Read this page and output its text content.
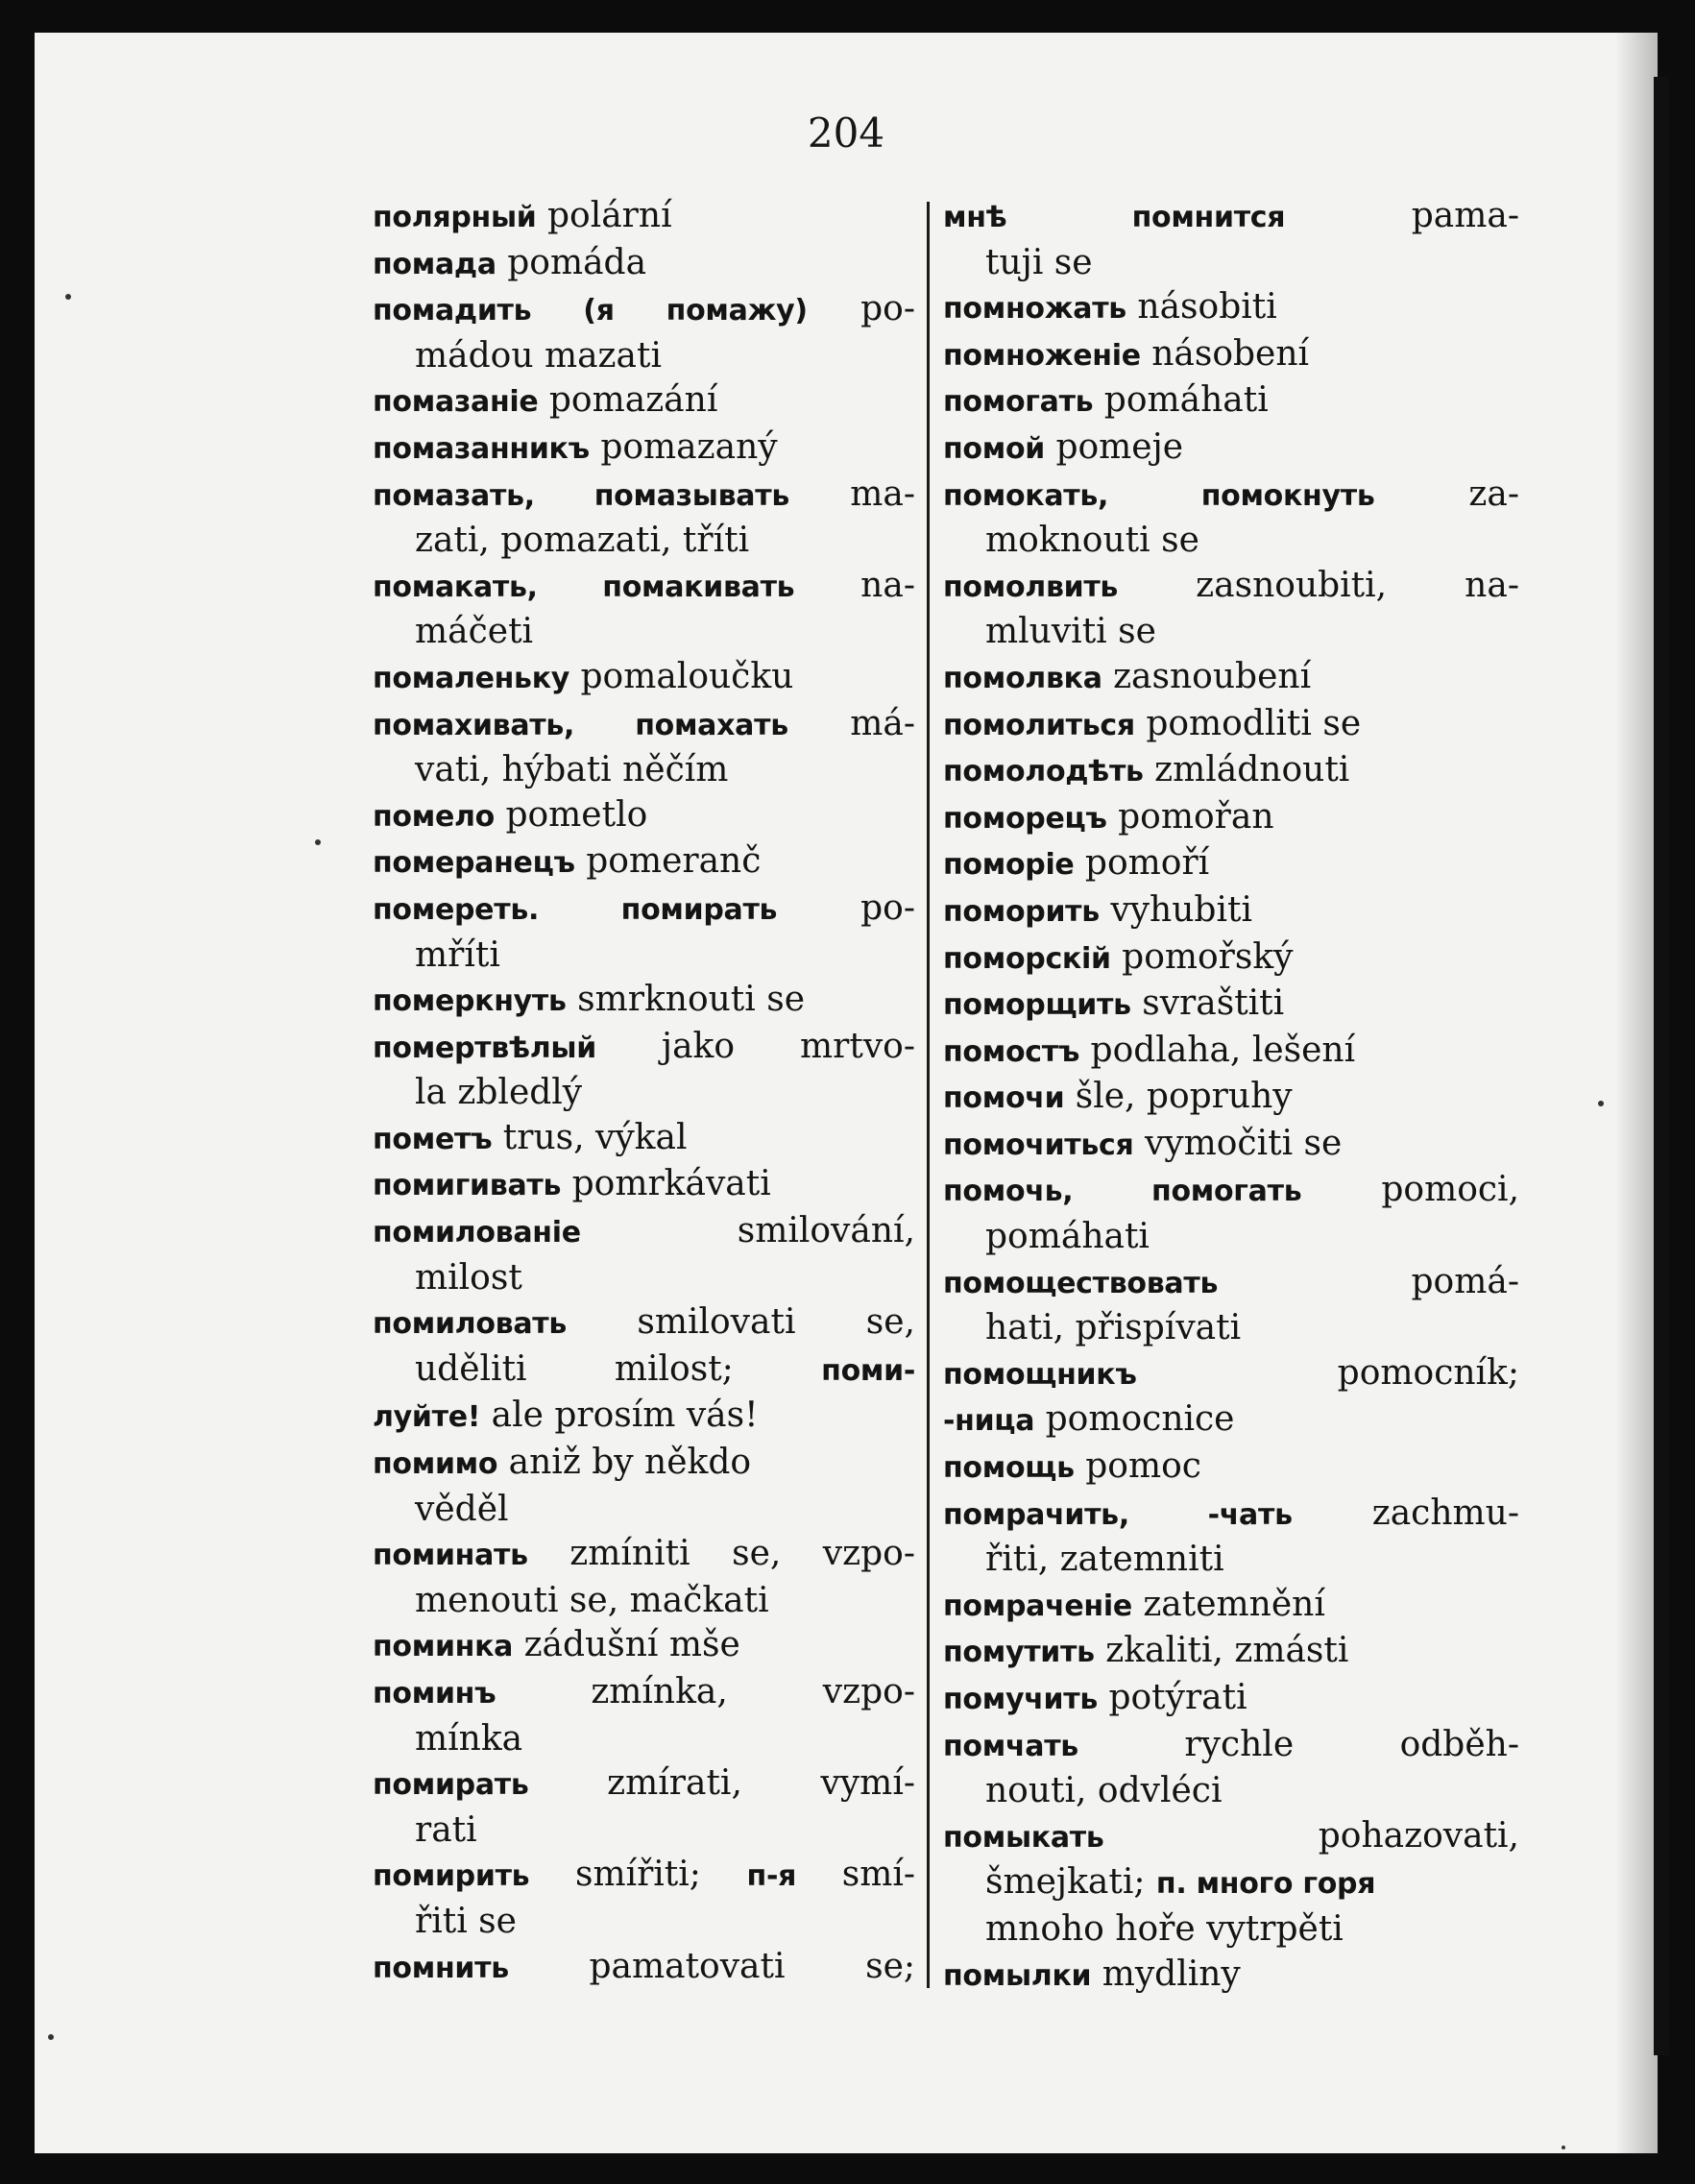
204
полярный polární
помада pomáda
помадить (я помажу) po-
mádou mazati
помазаніе pomazání
помазанникъ pomazaný
помазать, помазывать ma-
zati, pomazati, tříti
помакать, помакивать na-
máčeti
помаленьку pomaloučku
помахивать, помахать má-
vati, hýbati něčím
помело pometlo
померанецъ pomeranč
помереть. помирать po-
mříti
померкнуть smrknouti se
помертвѣлый jako mrtvo-
la zbledlý
пометъ trus, výkal
помигивать pomrkávati
помилованіе smilování,
milost
помиловать smilovati se,
uděliti milost; поми-
луйте! ale prosím vás!
помимо aniž by někdo
věděl
поминать zmíniti se, vzpo-
menouti se, mačkati
поминка zádušní mše
поминъ zmínka, vzpo-
mínka
помирать zmírati, vymí-
rati
помирить smířiti; п-я smí-
řiti se
помнить pamatovati se;
мнѣ помнится pama-
tuji se
помножать násobiti
помноженіе násobení
помогать pomáhati
помой pomeje
помокать, помокнуть za-
moknouti se
помолвить zasnoubiti, na-
mluviti se
помолвка zasnoubení
помолиться pomodliti se
помолодѣть zmládnouti
поморецъ pomořan
поморіе pomoří
поморить vyhubiti
поморскій pomořský
поморщить svraštiti
помостъ podlaha, lešení
помочи šle, popruhy
помочиться vymočiti se
помочь, помогать pomoci,
pomáhati
помоществовать pomá-
hati, přispívati
помощникъ pomocník;
-ница pomocnice
помощь pomoc
помрачить, -чать zachmu-
řiti, zatemniti
помраченіе zatemnění
помутить zkaliti, zmásti
помучить potýrati
помчать rychle odběh-
nouti, odvléci
помыкать pohazovati,
šmejkati; п. много горя
mnoho hoře vytrpěti
помылки mydliny
